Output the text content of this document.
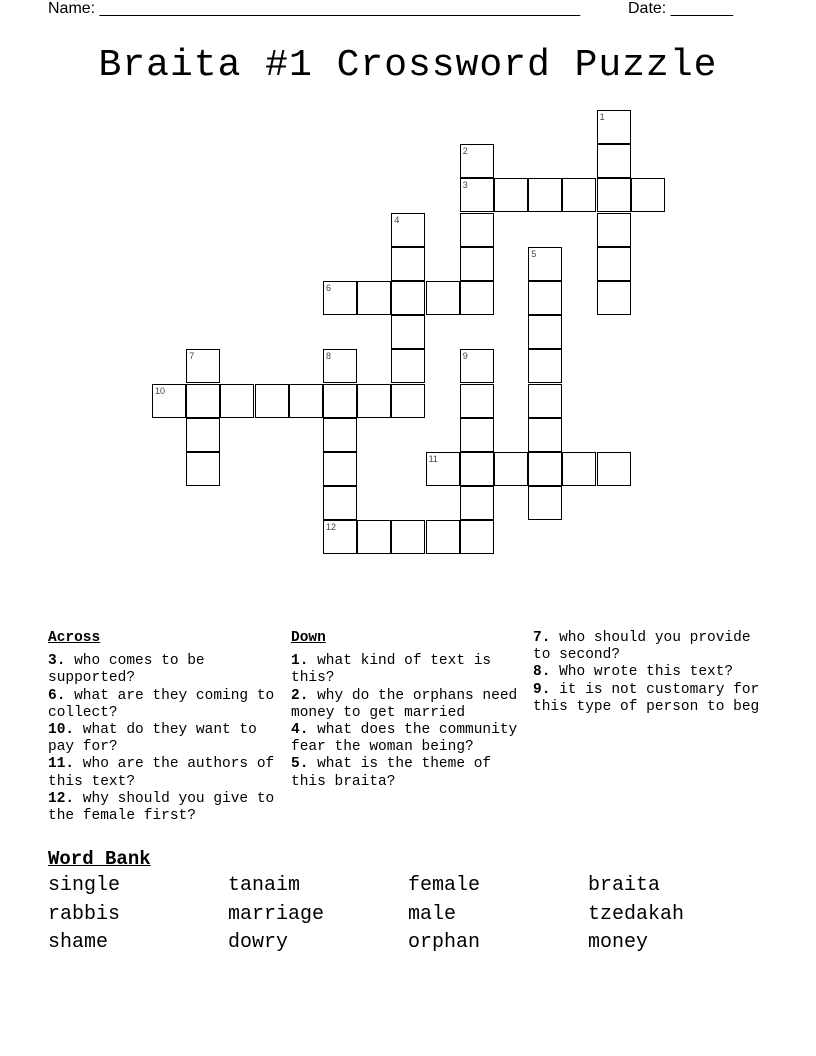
Name: ______________________________________________________	Date: _______
Braita #1 Crossword Puzzle
1
2
3
4
5
6
7	8
12
9
10
11
Across
3. who comes to be supported?
6. what are they coming to collect?
10. what do they want to pay for?
11. who are the authors of this text?
12. why should you give to the female first?
Down
1. what kind of text is this?
2. why do the orphans need money to get married
4. what does the community fear the woman being?
5. what is the theme of this braita?
7. who should you provide to second?
8. Who wrote this text?
9. it is not customary for this type of person to beg
Word Bank
single	tanaim	female	braita
rabbis	marriage	male	tzedakah
shame	dowry	orphan	money
